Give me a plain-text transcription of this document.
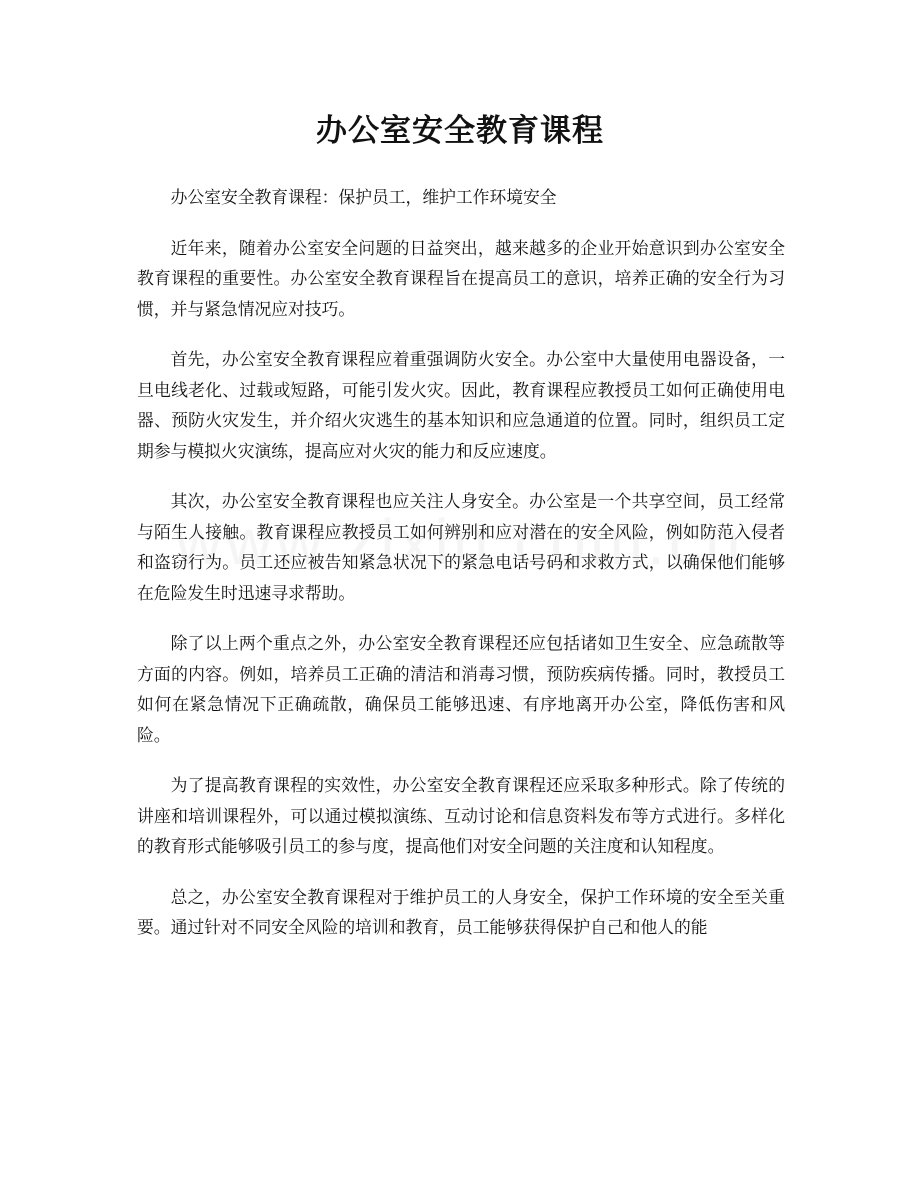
办公室安全教育课程

办公室安全教育课程：保护员工，维护工作环境安全

近年来，随着办公室安全问题的日益突出，越来越多的企业开始意识到办公室安全教育课程的重要性。办公室安全教育课程旨在提高员工的意识，培养正确的安全行为习惯，并与紧急情况应对技巧。

首先，办公室安全教育课程应着重强调防火安全。办公室中大量使用电器设备，一旦电线老化、过载或短路，可能引发火灾。因此，教育课程应教授员工如何正确使用电器、预防火灾发生，并介绍火灾逃生的基本知识和应急通道的位置。同时，组织员工定期参与模拟火灾演练，提高应对火灾的能力和反应速度。

其次，办公室安全教育课程也应关注人身安全。办公室是一个共享空间，员工经常与陌生人接触。教育课程应教授员工如何辨别和应对潜在的安全风险，例如防范入侵者和盗窃行为。员工还应被告知紧急状况下的紧急电话号码和求救方式，以确保他们能够在危险发生时迅速寻求帮助。

除了以上两个重点之外，办公室安全教育课程还应包括诸如卫生安全、应急疏散等方面的内容。例如，培养员工正确的清洁和消毒习惯，预防疾病传播。同时，教授员工如何在紧急情况下正确疏散，确保员工能够迅速、有序地离开办公室，降低伤害和风险。

为了提高教育课程的实效性，办公室安全教育课程还应采取多种形式。除了传统的讲座和培训课程外，可以通过模拟演练、互动讨论和信息资料发布等方式进行。多样化的教育形式能够吸引员工的参与度，提高他们对安全问题的关注度和认知程度。

总之，办公室安全教育课程对于维护员工的人身安全，保护工作环境的安全至关重要。通过针对不同安全风险的培训和教育，员工能够获得保护自己和他人的能
